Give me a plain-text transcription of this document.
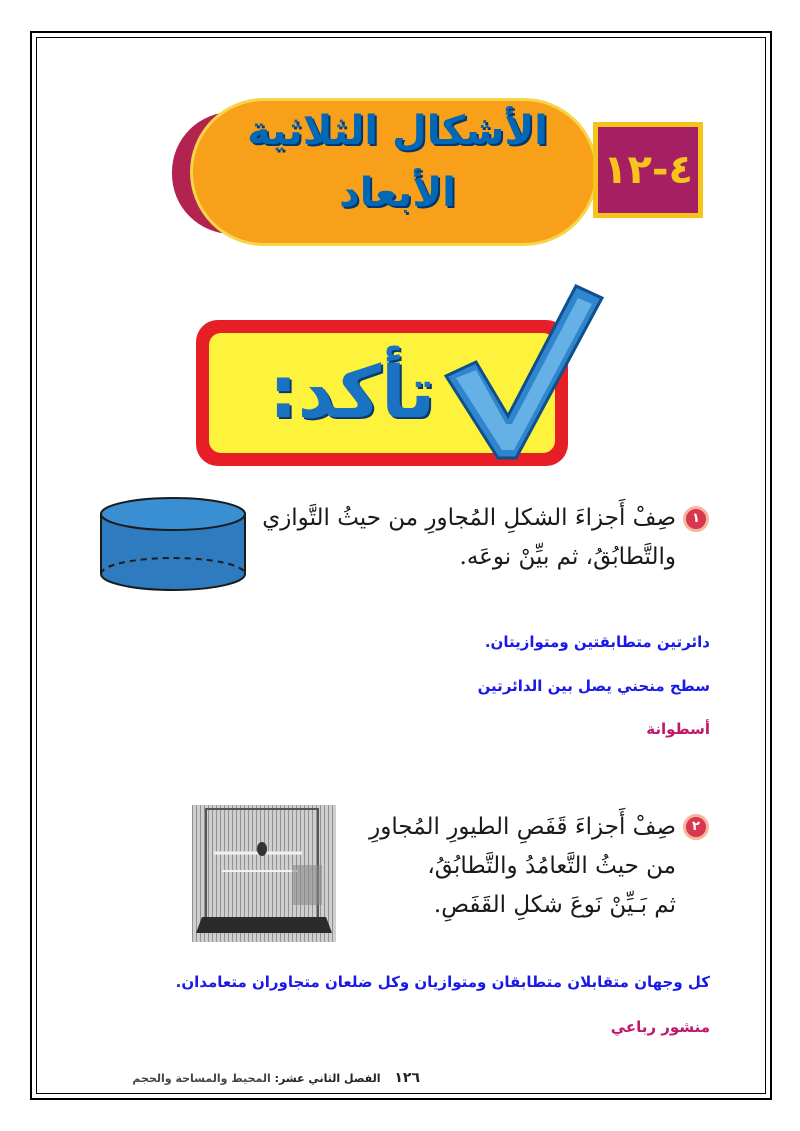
الأشكال الثلاثية
الأبعاد	٤-١٢
تأكد:
١
صِفْ أَجزاءَ الشكلِ المُجاورِ من حيثُ التَّوازي
والتَّطابُقُ، ثم بيِّنْ نوعَه.
دائرتين متطابقتين ومتوازيتان.
سطح منحني يصل بين الدائرتين
أسطوانة
٢
صِفْ أَجزاءَ قَفَصِ الطيورِ المُجاورِ
من حيثُ التَّعامُدُ والتَّطابُقُ،
ثم بَـيِّنْ نَوعَ شكلِ القَفَصِ.
كل وجهان متقابلان متطابقان ومتوازيان وكل ضلعان متجاوران متعامدان.
منشور رباعي
١٢٦ الفصل الثاني عشر: المحيط والمساحة والحجم
